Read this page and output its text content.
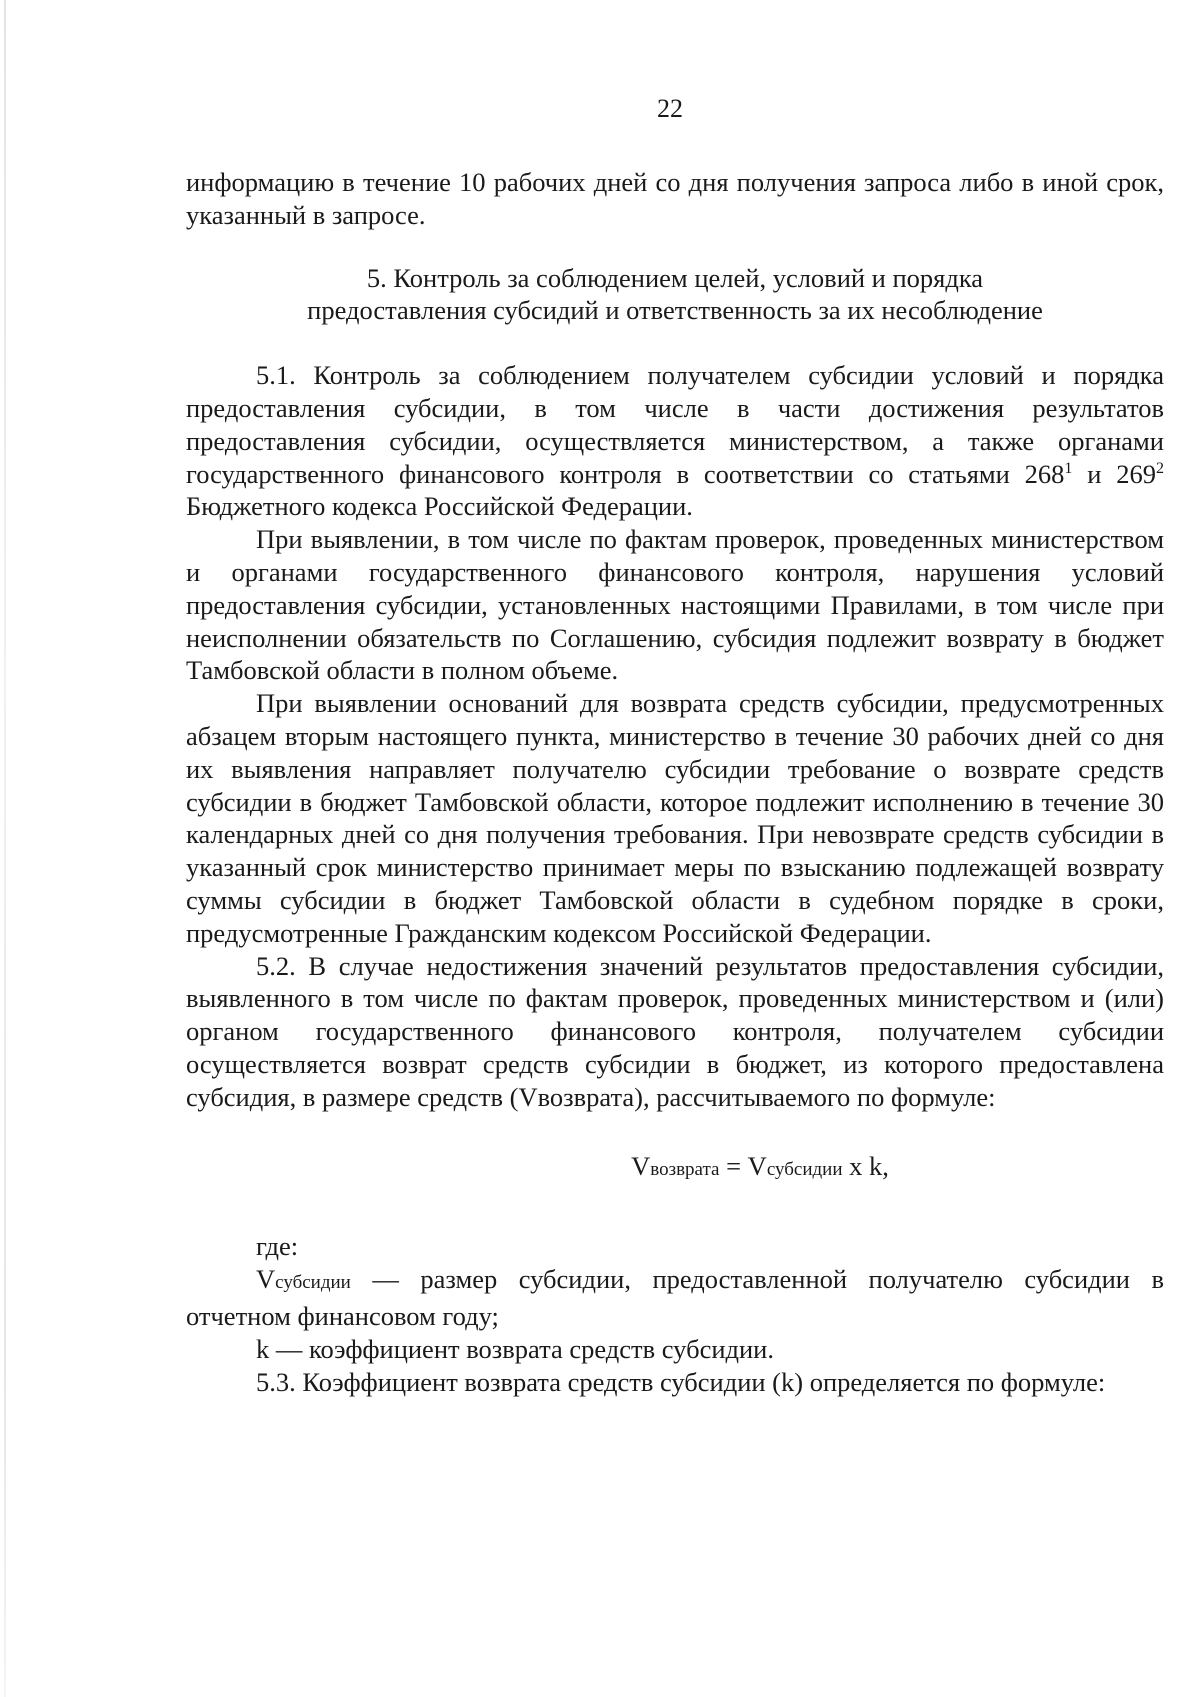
22

информацию в течение 10 рабочих дней со дня получения запроса либо в иной срок, указанный в запросе.

5. Контроль за соблюдением целей, условий и порядка
предоставления субсидий и ответственность за их несоблюдение

5.1. Контроль за соблюдением получателем субсидии условий и порядка предоставления субсидии, в том числе в части достижения результатов предоставления субсидии, осуществляется министерством, а также органами государственного финансового контроля в соответствии со статьями $268^1$ и $269^2$ Бюджетного кодекса Российской Федерации.

При выявлении, в том числе по фактам проверок, проведенных министерством и органами государственного финансового контроля, нарушения условий предоставления субсидии, установленных настоящими Правилами, в том числе при неисполнении обязательств по Соглашению, субсидия подлежит возврату в бюджет Тамбовской области в полном объеме.

При выявлении оснований для возврата средств субсидии, предусмотренных абзацем вторым настоящего пункта, министерство в течение 30 рабочих дней со дня их выявления направляет получателю субсидии требование о возврате средств субсидии в бюджет Тамбовской области, которое подлежит исполнению в течение 30 календарных дней со дня получения требования. При невозврате средств субсидии в указанный срок министерство принимает меры по взысканию подлежащей возврату суммы субсидии в бюджет Тамбовской области в судебном порядке в сроки, предусмотренные Гражданским кодексом Российской Федерации.

5.2. В случае недостижения значений результатов предоставления субсидии, выявленного в том числе по фактам проверок, проведенных министерством и (или) органом государственного финансового контроля, получателем субсидии осуществляется возврат средств субсидии в бюджет, из которого предоставлена субсидия, в размере средств (Vвозврата), рассчитываемого по формуле:

Vвозврата = Vсубсидии x k,

где:

Vсубсидии — размер субсидии, предоставленной получателю субсидии в отчетном финансовом году;

k — коэффициент возврата средств субсидии.

5.3. Коэффициент возврата средств субсидии (k) определяется по формуле:
